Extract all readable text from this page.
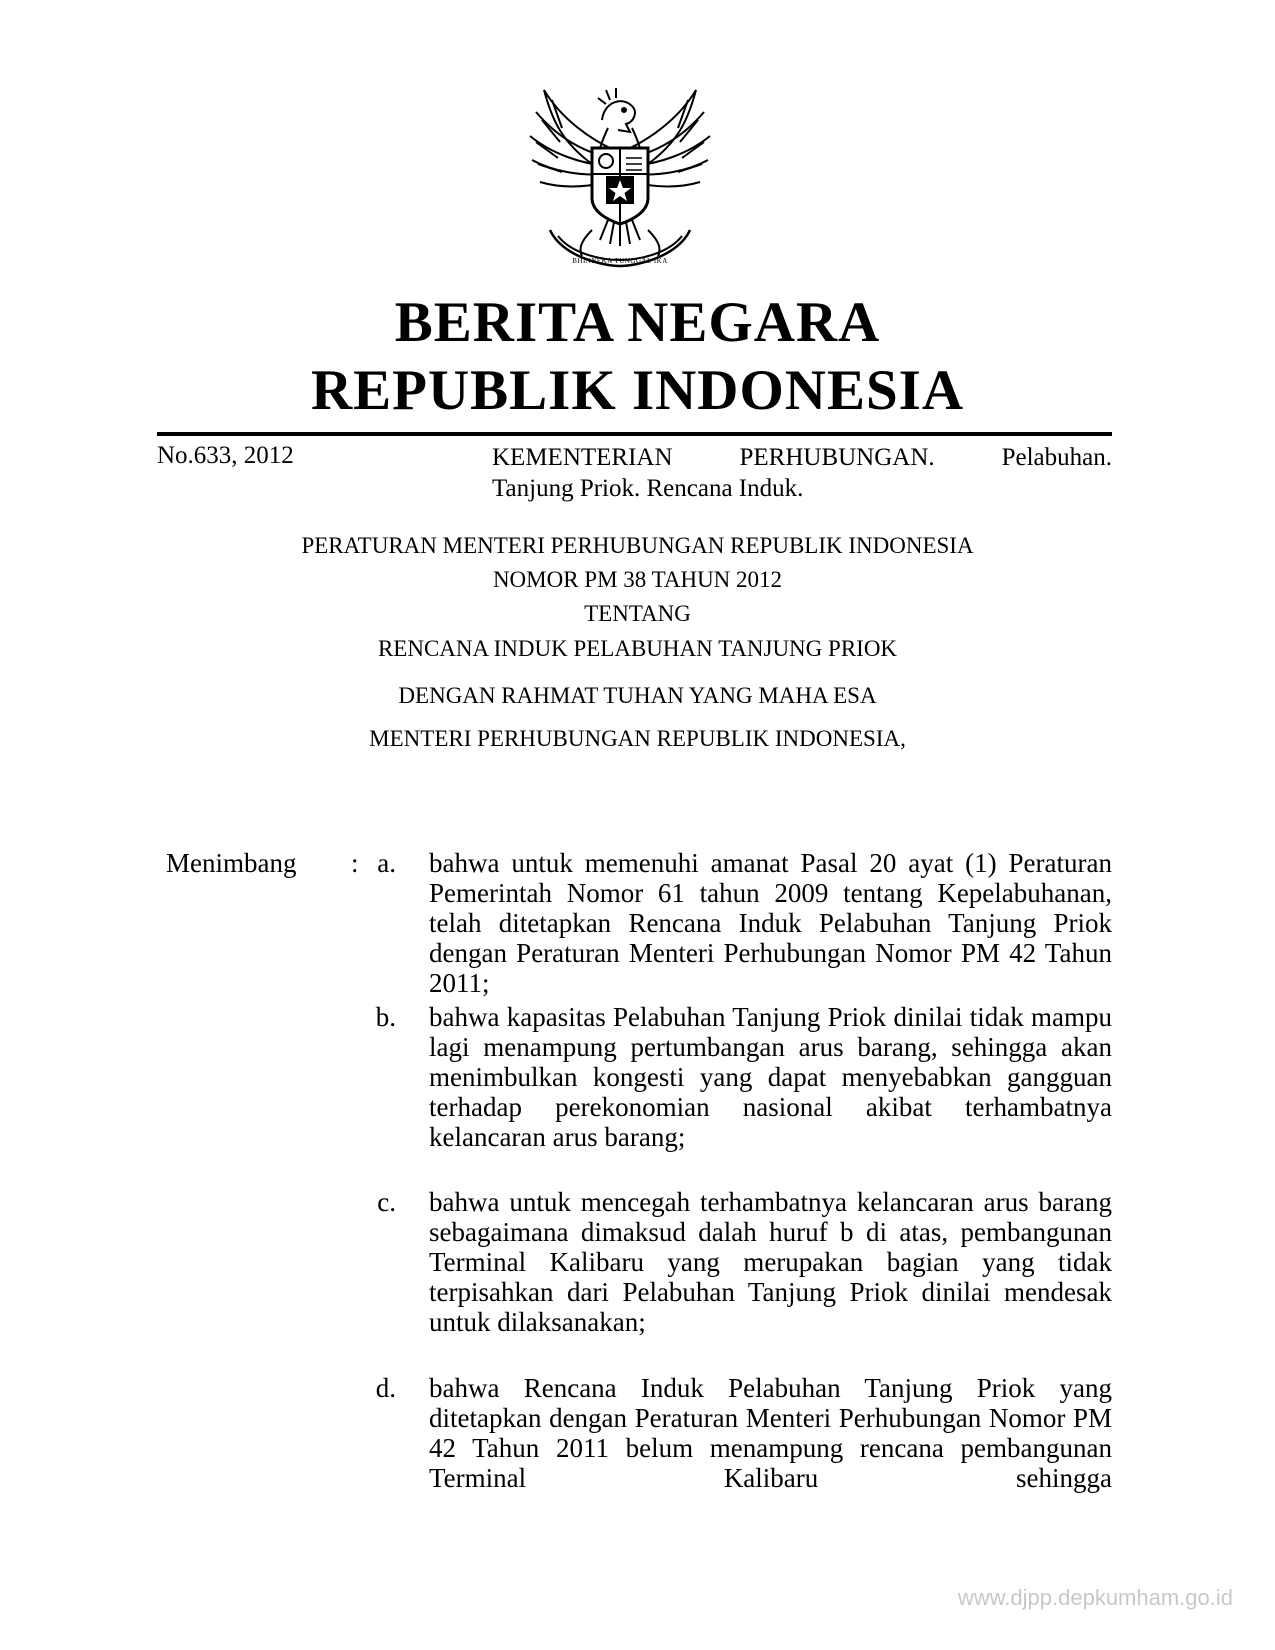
BHINNEKA TUNGGAL IKA
BERITA NEGARA
REPUBLIK INDONESIA
No.633, 2012	KEMENTERIAN	PERHUBUNGAN.	Pelabuhan.
Tanjung Priok. Rencana Induk.
PERATURAN MENTERI PERHUBUNGAN REPUBLIK INDONESIA
NOMOR PM 38 TAHUN 2012
TENTANG
RENCANA INDUK PELABUHAN TANJUNG PRIOK
DENGAN RAHMAT TUHAN YANG MAHA ESA
MENTERI PERHUBUNGAN REPUBLIK INDONESIA,
Menimbang : a. bahwa untuk memenuhi amanat Pasal 20 ayat (1) Peraturan Pemerintah Nomor 61 tahun 2009 tentang Kepelabuhanan, telah ditetapkan Rencana Induk Pelabuhan Tanjung Priok dengan Peraturan Menteri Perhubungan Nomor PM 42 Tahun 2011;
b. bahwa kapasitas Pelabuhan Tanjung Priok dinilai tidak mampu lagi menampung pertumbangan arus barang, sehingga akan menimbulkan kongesti yang dapat menyebabkan gangguan terhadap perekonomian nasional akibat terhambatnya kelancaran arus barang;
c. bahwa untuk mencegah terhambatnya kelancaran arus barang sebagaimana dimaksud dalah huruf b di atas, pembangunan Terminal Kalibaru yang merupakan bagian yang tidak terpisahkan dari Pelabuhan Tanjung Priok dinilai mendesak untuk dilaksanakan;
d. bahwa Rencana Induk Pelabuhan Tanjung Priok yang ditetapkan dengan Peraturan Menteri Perhubungan Nomor PM 42 Tahun 2011 belum menampung rencana pembangunan Terminal Kalibaru sehingga
www.djpp.depkumham.go.id
